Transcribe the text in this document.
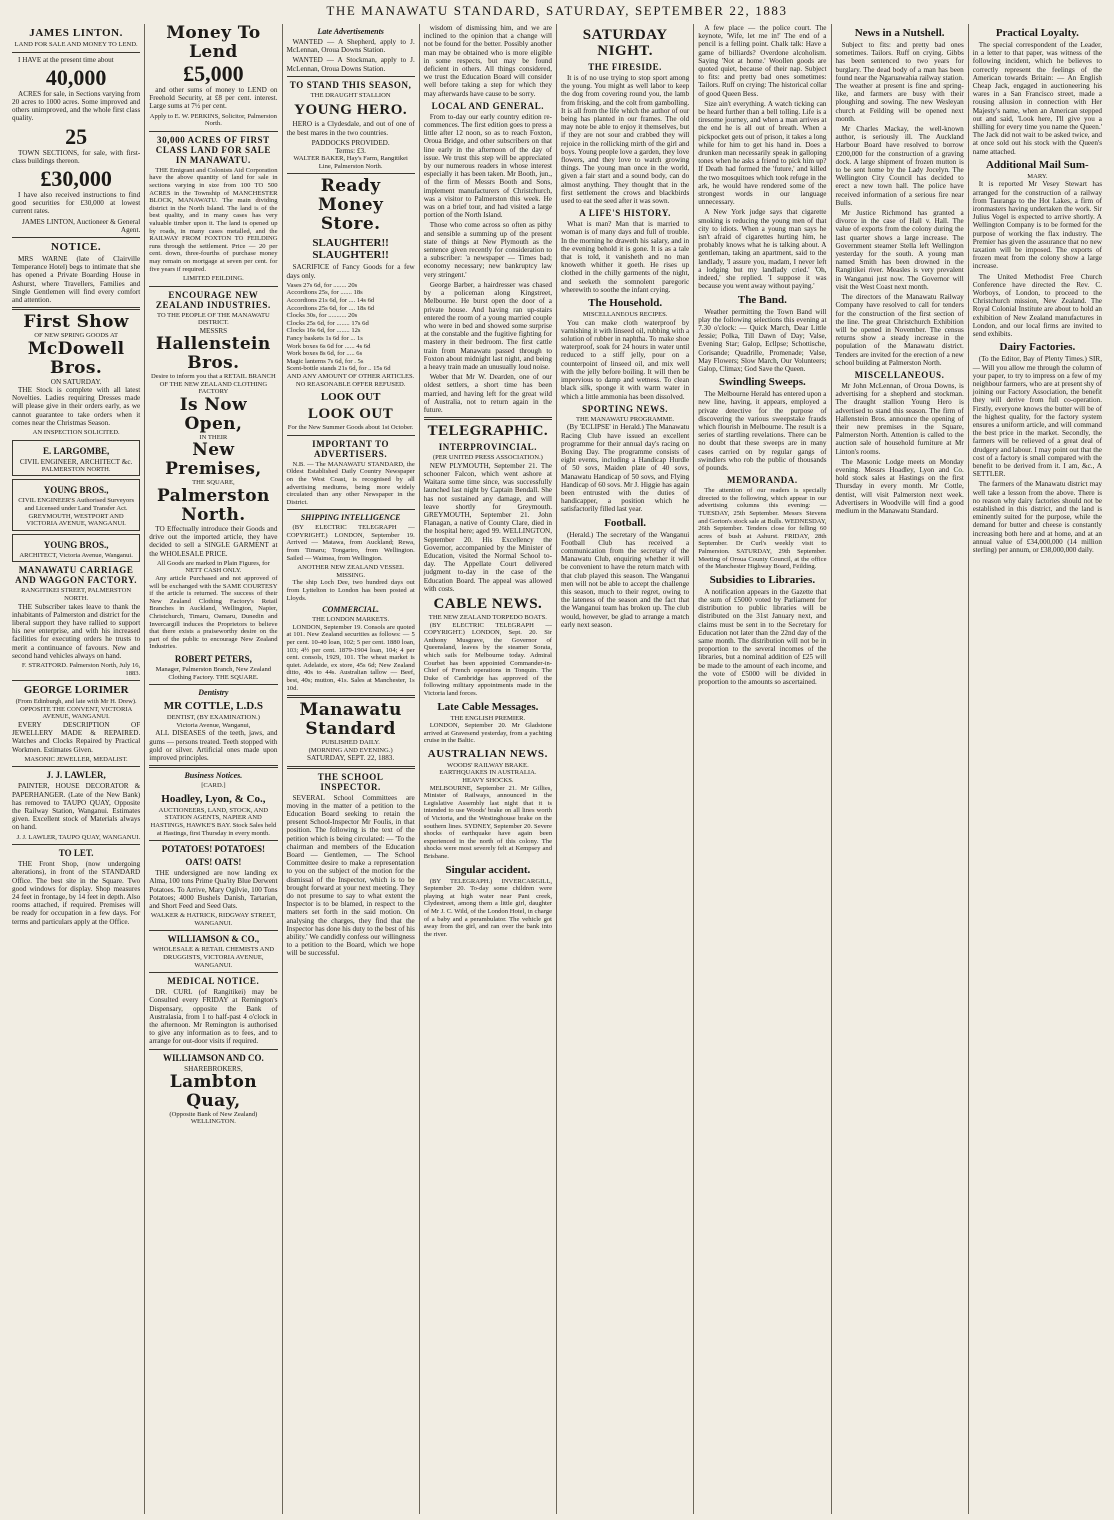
THE MANAWATU STANDARD, SATURDAY, SEPTEMBER 22, 1883
JAMES LINTON.
LAND FOR SALE AND MONEY TO LEND.
I HAVE at the present time about
40,000
ACRES for sale, in Sections varying from 20 acres to 1000 acres. Some improved and others unimproved, and the whole first class quality.
25
TOWN SECTIONS, for sale, with first-class buildings thereon.
£30,000
I have also received instructions to find good securities for £30,000 at lowest current rates.
JAMES LINTON, Auctioneer & General Agent.
NOTICE.
MRS WARNE (late of Clairville Temperance Hotel) begs to intimate that she has opened a Private Boarding House in Ashurst, where Travellers, Families and Single Gentlemen will find every comfort and attention.
First Show
OF NEW SPRING GOODS AT
McDowell Bros.
ON SATURDAY.
THE Stock is complete with all latest Novelties. Ladies requiring Dresses made will please give in their orders early, as we cannot guarantee to take orders when it comes near the Christmas Season.
AN INSPECTION SOLICITED.
E. LARGOMBE,
CIVIL ENGINEER, ARCHITECT &c.
PALMERSTON NORTH.
YOUNG BROS.,
CIVIL ENGINEER'S Authorised Surveyors and Licensed under Land Transfer Act. GREYMOUTH, WESTPORT AND VICTORIA AVENUE, WANGANUI.
YOUNG BROS.,
ARCHITECT, Victoria Avenue, Wanganui.
MANAWATU CARRIAGE AND WAGGON FACTORY.
RANGITIKEI STREET, PALMERSTON NORTH.
THE Subscriber takes leave to thank the inhabitants of Palmerston and district for the liberal support they have rallied to support his new enterprise, and with his increased facilities for executing orders he trusts to merit a continuance of favours. New and second hand vehicles always on hand.
F. STRATFORD. Palmerston North, July 16, 1883.
GEORGE LORIMER
(From Edinburgh, and late with Mr H. Drew). OPPOSITE THE CONVENT, VICTORIA AVENUE, WANGANUI.
EVERY DESCRIPTION OF JEWELLERY MADE & REPAIRED. Watches and Clocks Repaired by Practical Workmen. Estimates Given.
MASONIC JEWELLER, MEDALIST.
J. J. LAWLER,
PAINTER, HOUSE DECORATOR & PAPERHANGER. (Late of the New Bank) has removed to TAUPO QUAY, Opposite the Railway Station, Wanganui. Estimates given. Excellent stock of Materials always on hand.
J. J. LAWLER, TAUPO QUAY, WANGANUI.
TO LET.
THE Front Shop, (now undergoing alterations), in front of the STANDARD Office. The best site in the Square. Two good windows for display. Shop measures 24 feet in frontage, by 14 feet in depth. Also rooms attached, if required. Premises will be ready for occupation in a few days. For terms and particulars apply at the Office.
Money To Lend
£5,000
and other sums of money to LEND on Freehold Security, at £8 per cent. interest. Large sums at 7½ per cent.
Apply to E. W. PERKINS, Solicitor, Palmerston North.
30,000 ACRES OF FIRST CLASS LAND FOR SALE IN MANAWATU.
THE Emigrant and Colonists Aid Corporation have the above quantity of land for sale in sections varying in size from 100 TO 500 ACRES in the Township of MANCHESTER BLOCK, MANAWATU. The main dividing district in the North Island. The land is of the best quality, and in many cases has very valuable timber upon it. The land is opened up by roads, in many cases metalled, and the RAILWAY FROM FOXTON TO FEILDING runs through the settlement. Price — 20 per cent. down, three-fourths of purchase money may remain on mortgage at seven per cent. for five years if required.
LIMITED FEILDING.
ENCOURAGE NEW ZEALAND INDUSTRIES.
TO THE PEOPLE OF THE MANAWATU DISTRICT.
MESSRS
Hallenstein Bros.
Desire to inform you that a RETAIL BRANCH OF THE NEW ZEALAND CLOTHING FACTORY
Is Now Open,
IN THEIR
New Premises,
THE SQUARE,
Palmerston North.
TO Effectually introduce their Goods and drive out the imported article, they have decided to sell a SINGLE GARMENT at the WHOLESALE PRICE.
All Goods are marked in Plain Figures, for NETT CASH ONLY.
Any article Purchased and not approved of will be exchanged with the SAME COURTESY if the article is returned. The success of their New Zealand Clothing Factory's Retail Branches in Auckland, Wellington, Napier, Christchurch, Timaru, Oamaru, Dunedin and Invercargill induces the Proprietors to believe that there exists a praiseworthy desire on the part of the public to encourage New Zealand Industries.
ROBERT PETERS,
Manager, Palmerston Branch, New Zealand Clothing Factory. THE SQUARE.
Dentistry
MR COTTLE, L.D.S
DENTIST, (BY EXAMINATION.)
Victoria Avenue, Wanganui,
ALL DISEASES of the teeth, jaws, and gums — persons treated. Teeth stopped with gold or silver. Artificial ones made upon improved principles.
Business Notices.
[CARD.]
Hoadley, Lyon, & Co.,
AUCTIONEERS, LAND, STOCK, AND STATION AGENTS, NAPIER AND HASTINGS, HAWKE'S BAY. Stock Sales held at Hastings, first Thursday in every month.
POTATOES! POTATOES!
OATS! OATS!
THE undersigned are now landing ex Alma, 100 tons Prime Qua'ity Blue Derwent Potatoes. To Arrive, Mary Ogilvie, 100 Tons Potatoes; 4000 Bushels Danish, Tartarian, and Short Feed and Seed Oats.
WALKER & HATRICK, RIDGWAY STREET, WANGANUI.
WILLIAMSON & CO.,
WHOLESALE & RETAIL CHEMISTS AND DRUGGISTS, VICTORIA AVENUE, WANGANUI.
MEDICAL NOTICE.
DR. CURL (of Rangitikei) may be Consulted every FRIDAY at Remington's Dispensary, opposite the Bank of Australasia, from 1 to half-past 4 o'clock in the afternoon. Mr Remington is authorised to give any information as to fees, and to arrange for out-door visits if required.
WILLIAMSON AND CO.
SHAREBROKERS,
Lambton Quay,
(Opposite Bank of New Zealand) WELLINGTON.
Late Advertisements
WANTED — A Shepherd, apply to J. McLennan, Oroua Downs Station.
WANTED — A Stockman, apply to J. McLennan, Oroua Downs Station.
TO STAND THIS SEASON,
THE DRAUGHT STALLION
YOUNG HERO.
HERO is a Clydesdale, and out of one of the best mares in the two countries.
PADDOCKS PROVIDED.
Terms: £3.
WALTER BAKER, Hay's Farm, Rangitikei Line, Palmerston North.
Ready Money Store.
SLAUGHTER!! SLAUGHTER!!
SACRIFICE of Fancy Goods for a few days only.
Vases 27s 6d, for ........ 20s
Accordions 25s, for ....... 18s
Accordions 21s 6d, for .... 14s 6d
Accordions 25s 6d, for .... 18s 6d
Clocks 30s, for ........... 20s
Clocks 25s 6d, for ........ 17s 6d
Clocks 16s 6d, for ........ 12s
Fancy baskets 1s 6d for ... 1s
Work boxes 6s 6d for ...... 4s 6d
Work boxes 8s 6d, for ..... 6s
Magic lanterns 7s 6d, for . 5s
Scent-bottle stands 21s 6d, for .. 15s 6d
AND ANY AMOUNT OF OTHER ARTICLES.
NO REASONABLE OFFER REFUSED.
LOOK OUT
LOOK OUT
For the New Summer Goods about 1st October.
IMPORTANT TO ADVERTISERS.
N.B. — The MANAWATU STANDARD, the Oldest Established Daily Country Newspaper on the West Coast, is recognised by all advertising mediums, being more widely circulated than any other Newspaper in the District.
SHIPPING INTELLIGENCE
(BY ELECTRIC TELEGRAPH — COPYRIGHT.) LONDON, September 19. Arrived — Matawa, from Auckland; Rewa, from Timaru; Tongariro, from Wellington. Sailed — Waimea, from Wellington.
ANOTHER NEW ZEALAND VESSEL MISSING.
The ship Loch Dee, two hundred days out from Lyttelton to London has been posted at Lloyds.
COMMERCIAL.
THE LONDON MARKETS.
LONDON, September 19. Consols are quoted at 101. New Zealand securities as follows: — 5 per cent. 10-40 loan, 102; 5 per cent. 1880 loan, 103; 4½ per cent. 1879-1904 loan, 104; 4 per cent. consols, 1929, 101. The wheat market is quiet. Adelaide, ex store, 45s 6d; New Zealand ditto, 40s to 44s. Australian tallow — Beef, best, 40s; mutton, 41s. Sales at Manchester, 1s 10d.
Manawatu Standard
PUBLISHED DAILY.
(MORNING AND EVENING.)
SATURDAY, SEPT. 22, 1883.
THE SCHOOL INSPECTOR.
SEVERAL School Committees are moving in the matter of a petition to the Education Board seeking to retain the present School-Inspector Mr Foulis, in that position. The following is the text of the petition which is being circulated: — 'To the chairman and members of the Education Board — Gentlemen, — The School Committee desire to make a representation to you on the subject of the motion for the dismissal of the Inspector, which is to be brought forward at your next meeting. They do not presume to say to what extent the Inspector is to be blamed, in respect to the matters set forth in the said motion. On analysing the charges, they find that the Inspector has done his duty to the best of his ability.' We candidly confess our willingness to a petition to the Board, which we hope will be successful.
wisdom of dismissing him, and we are inclined to the opinion that a change will not be found for the better. Possibly another man may be obtained who is more eligible in some respects, but may be found deficient in others. All things considered, we trust the Education Board will consider well before taking a step for which they may afterwards have cause to be sorry.
LOCAL AND GENERAL.
From to-day our early country edition re-commences. The first edition goes to press a little after 12 noon, so as to reach Foxton, Oroua Bridge, and other subscribers on that line early in the afternoon of the day of issue. We trust this step will be appreciated by our numerous readers in whose interest especially it has been taken. Mr Booth, jun., of the firm of Messrs Booth and Sons, implement manufacturers of Christchurch, was a visitor to Palmerston this week. He was on a brief tour, and had visited a large portion of the North Island.
Those who come across so often as pithy and sensible a summing up of the present state of things at New Plymouth as the sentence given recently for consideration to a subscriber: 'a newspaper — Times bad; economy necessary; new bankruptcy law very stringent.'
George Barber, a hairdresser was chased by a policeman along Kingstreet, Melbourne. He burst open the door of a private house. And having ran up-stairs entered the room of a young married couple who were in bed and showed some surprise at the constable and the fugitive fighting for mastery in their bedroom. The first cattle train from Manawatu passed through to Foxton about midnight last night, and being a heavy train made an unusually loud noise.
Weber that Mr W. Dearden, one of our oldest settlers, a short time has been married, and having left for the great wild of Australia, not to return again in the future.
TELEGRAPHIC.
INTERPROVINCIAL.
(PER UNITED PRESS ASSOCIATION.)
NEW PLYMOUTH, September 21. The schooner Falcon, which went ashore at Waitara some time since, was successfully launched last night by Captain Bendall. She has not sustained any damage, and will leave shortly for Greymouth. GREYMOUTH, September 21. John Flanagan, a native of County Clare, died in the hospital here; aged 99. WELLINGTON, September 20. His Excellency the Governor, accompanied by the Minister of Education, visited the Normal School to-day. The Appellate Court delivered judgment to-day in the case of the Education Board. The appeal was allowed with costs.
CABLE NEWS.
THE NEW ZEALAND TORPEDO BOATS.
(BY ELECTRIC TELEGRAPH — COPYRIGHT.) LONDON, Sept. 20. Sir Anthony Musgrave, the Governor of Queensland, leaves by the steamer Sorata, which sails for Melbourne today. Admiral Courbet has been appointed Commander-in-Chief of French operations in Tonquin. The Duke of Cambridge has approved of the following military appointments made in the Victoria land forces.
Late Cable Messages.
THE ENGLISH PREMIER.
LONDON, September 20. Mr Gladstone arrived at Gravesend yesterday, from a yachting cruise in the Baltic.
AUSTRALIAN NEWS.
WOODS' RAILWAY BRAKE.
EARTHQUAKES IN AUSTRALIA.
HEAVY SHOCKS.
MELBOURNE, September 21. Mr Gillies, Minister of Railways, announced in the Legislative Assembly last night that it is intended to use Woods' brake on all lines worth of Victoria, and the Westinghouse brake on the southern lines. SYDNEY, September 20. Severe shocks of earthquake have again been experienced in the north of this colony. The shocks were most severely felt at Kempsey and Brisbane.
Singular accident.
(BY TELEGRAPH.) INVERCARGILL, September 20. To-day some children were playing at high water near Pani creek, Clydestreet, among them a little girl, daughter of Mr J. C. Wild, of the London Hotel, in charge of a baby and a perambulator. The vehicle got away from the girl, and ran over the bank into the river.
SATURDAY NIGHT.
THE FIRESIDE.
It is of no use trying to stop sport among the young. You might as well labor to keep the dog from covering round you, the lamb from frisking, and the colt from gambolling. It is all from the life which the author of our being has planted in our frames. The old may note be able to enjoy it themselves, but if they are not sour and crabbed they will rejoice in the rollicking mirth of the girl and boys. Young people love a garden, they love flowers, and they love to watch growing things. The young man once in the world, given a fair start and a sound body, can do almost anything. They thought that in the first settlement the crows and blackbirds used to eat the seed after it was sown.
A LIFE'S HISTORY.
What is man? Man that is married to woman is of many days and full of trouble. In the morning he draweth his salary, and in the evening behold it is gone. It is as a tale that is told, it vanisheth and no man knoweth whither it goeth. He rises up clothed in the chilly garments of the night, and seeketh the somnolent paregoric wherewith to soothe the infant crying.
The Household.
MISCELLANEOUS RECIPES.
You can make cloth waterproof by varnishing it with linseed oil, rubbing with a solution of rubber in naphtha. To make shoe waterproof, soak for 24 hours in water until reduced to a stiff jelly, pour on a counterpoint of linseed oil, and mix well with the jelly before boiling. It will then be impervious to damp and wetness. To clean black silk, sponge it with warm water in which a little ammonia has been dissolved.
SPORTING NEWS.
THE MANAWATU PROGRAMME.
(By 'ECLIPSE' in Herald.) The Manawatu Racing Club have issued an excellent programme for their annual day's racing on Boxing Day. The programme consists of eight events, including a Handicap Hurdle of 50 sovs, Maiden plate of 40 sovs, Manawatu Handicap of 50 sovs, and Flying Handicap of 60 sovs. Mr J. Higgie has again been entrusted with the duties of handicapper, a position which he satisfactorily filled last year.
Football.
(Herald.) The secretary of the Wanganui Football Club has received a communication from the secretary of the Manawatu Club, enquiring whether it will be convenient to have the return match with that club played this season. The Wanganui men will not be able to accept the challenge this season, much to their regret, owing to the lateness of the season and the fact that the Wanganui team has broken up. The club would, however, be glad to arrange a match early next season.
A few place — the police court. The keynote, 'Wife, let me in!' The end of a pencil is a felling point. Chalk talk: Have a game of billiards? Overdone alcoholism. Saying 'Not at home.' Woollen goods are quoted quiet, because of their nap. Subject to fits: and pretty bad ones sometimes: Tailors. Ruff on crying: The historical collar of good Queen Bess.
Size ain't everything. A watch ticking can be heard further than a bell tolling. Life is a tiresome journey, and when a man arrives at the end he is all out of breath. When a pickpocket gets out of prison, it takes a long while for him to get his hand in. Does a drunken man necessarily speak in galloping tones when he asks a friend to pick him up? If Death had formed the 'future,' and killed the two mosquitoes which took refuge in the ark, he would have rendered some of the strongest words in our language unnecessary.
A New York judge says that cigarette smoking is reducing the young men of that city to idiots. When a young man says he isn't afraid of cigarettes hurting him, he probably knows what he is talking about. A gentleman, taking an apartment, said to the landlady, 'I assure you, madam, I never left a lodging but my landlady cried.' 'Oh, indeed,' she replied. 'I suppose it was because you went away without paying.'
The Band.
Weather permitting the Town Band will play the following selections this evening at 7.30 o'clock: — Quick March, Dear Little Jessie; Polka, Till Dawn of Day; Valse, Evening Star; Galop, Ecllpse; Schottische, Corisande; Quadrille, Promenade; Valse, May Flowers; Slow March, Our Volunteers; Galop, Climax; God Save the Queen.
Swindling Sweeps.
The Melbourne Herald has entered upon a new line, having, it appears, employed a private detective for the purpose of discovering the various sweepstake frauds which flourish in Melbourne. The result is a series of startling revelations. There can be no doubt that these sweeps are in many cases carried on by regular gangs of swindlers who rob the public of thousands of pounds.
MEMORANDA.
The attention of our readers is specially directed to the following, which appear in our advertising columns this evening: — TUESDAY, 25th September. Messrs Stevens and Gorton's stock sale at Bulls. WEDNESDAY, 26th September. Tenders close for felling 60 acres of bush at Ashurst. FRIDAY, 28th September. Dr Curl's weekly visit to Palmerston. SATURDAY, 29th September. Meeting of Oroua County Council, at the office of the Manchester Highway Board, Feilding.
Subsidies to Libraries.
A notification appears in the Gazette that the sum of £5000 voted by Parliament for distribution to public libraries will be distributed on the 31st January next, and claims must be sent in to the Secretary for Education not later than the 22nd day of the same month. The distribution will not be in proportion to the several incomes of the libraries, but a nominal addition of £25 will be made to the amount of each income, and the vote of £5000 will be divided in proportion to the amounts so ascertained.
News in a Nutshell.
Subject to fits: and pretty bad ones sometimes. Tailors. Ruff on crying. Gibbs has been sentenced to two years for burglary. The dead body of a man has been found near the Ngaruawahia railway station. The weather at present is fine and spring-like, and farmers are busy with their ploughing and sowing. The new Wesleyan church at Feilding will be opened next month.
Mr Charles Mackay, the well-known author, is seriously ill. The Auckland Harbour Board have resolved to borrow £200,000 for the construction of a graving dock. A large shipment of frozen mutton is to be sent home by the Lady Jocelyn. The Wellington City Council has decided to erect a new town hall. The police have received information of a serious fire near Bulls.
Mr Justice Richmond has granted a divorce in the case of Hall v. Hall. The value of exports from the colony during the last quarter shows a large increase. The Government steamer Stella left Wellington yesterday for the south. A young man named Smith has been drowned in the Rangitikei river. Measles is very prevalent in Wanganui just now. The Governor will visit the West Coast next month.
The directors of the Manawatu Railway Company have resolved to call for tenders for the construction of the first section of the line. The great Christchurch Exhibition will be opened in November. The census returns show a steady increase in the population of the Manawatu district. Tenders are invited for the erection of a new school building at Palmerston North.
MISCELLANEOUS.
Mr John McLennan, of Oroua Downs, is advertising for a shepherd and stockman. The draught stallion Young Hero is advertised to stand this season. The firm of Hallenstein Bros. announce the opening of their new premises in the Square, Palmerston North. Attention is called to the auction sale of household furniture at Mr Linton's rooms.
The Masonic Lodge meets on Monday evening. Messrs Hoadley, Lyon and Co. hold stock sales at Hastings on the first Thursday in every month. Mr Cottle, dentist, will visit Palmerston next week. Advertisers in Woodville will find a good medium in the Manawatu Standard.
Practical Loyalty.
The special correspondent of the Leader, in a letter to that paper, was witness of the following incident, which he believes to correctly represent the feelings of the American towards Britain: — An English Cheap Jack, engaged in auctioneering his wares in a San Francisco street, made a rousing allusion in connection with Her Majesty's name, when an American stepped out and said, 'Look here, I'll give you a shilling for every time you name the Queen.' The Jack did not wait to be asked twice, and at once sold out his stock with the Queen's name attached.
Additional Mail Sum-
MARY.
It is reported Mr Vesey Stewart has arranged for the construction of a railway from Tauranga to the Hot Lakes, a firm of ironmasters having undertaken the work. Sir Julius Vogel is expected to arrive shortly. A Wellington Company is to be formed for the purpose of working the flax industry. The Premier has given the assurance that no new taxation will be imposed. The exports of frozen meat from the colony show a large increase.
The United Methodist Free Church Conference have directed the Rev. C. Worboys, of London, to proceed to the Christchurch mission, New Zealand. The Royal Colonial Institute are about to hold an exhibition of New Zealand manufactures in London, and our local firms are invited to send exhibits.
Dairy Factories.
(To the Editor, Bay of Plenty Times.) SIR, — Will you allow me through the column of your paper, to try to impress on a few of my neighbour farmers, who are at present shy of joining our Factory Association, the benefit they will derive from full co-operation. Firstly, everyone knows the butter will be of the highest quality, for the factory system ensures a uniform article, and will command the best price in the market. Secondly, the farmers will be relieved of a great deal of drudgery and labour. I may point out that the cost of a factory is small compared with the benefit to be derived from it. I am, &c., A SETTLER.
The farmers of the Manawatu district may well take a lesson from the above. There is no reason why dairy factories should not be established in this district, and the land is eminently suited for the purpose, while the demand for butter and cheese is constantly increasing both here and at home, and at an annual value of £34,000,000 (14 million sterling) per annum, or £38,000,000 daily.
